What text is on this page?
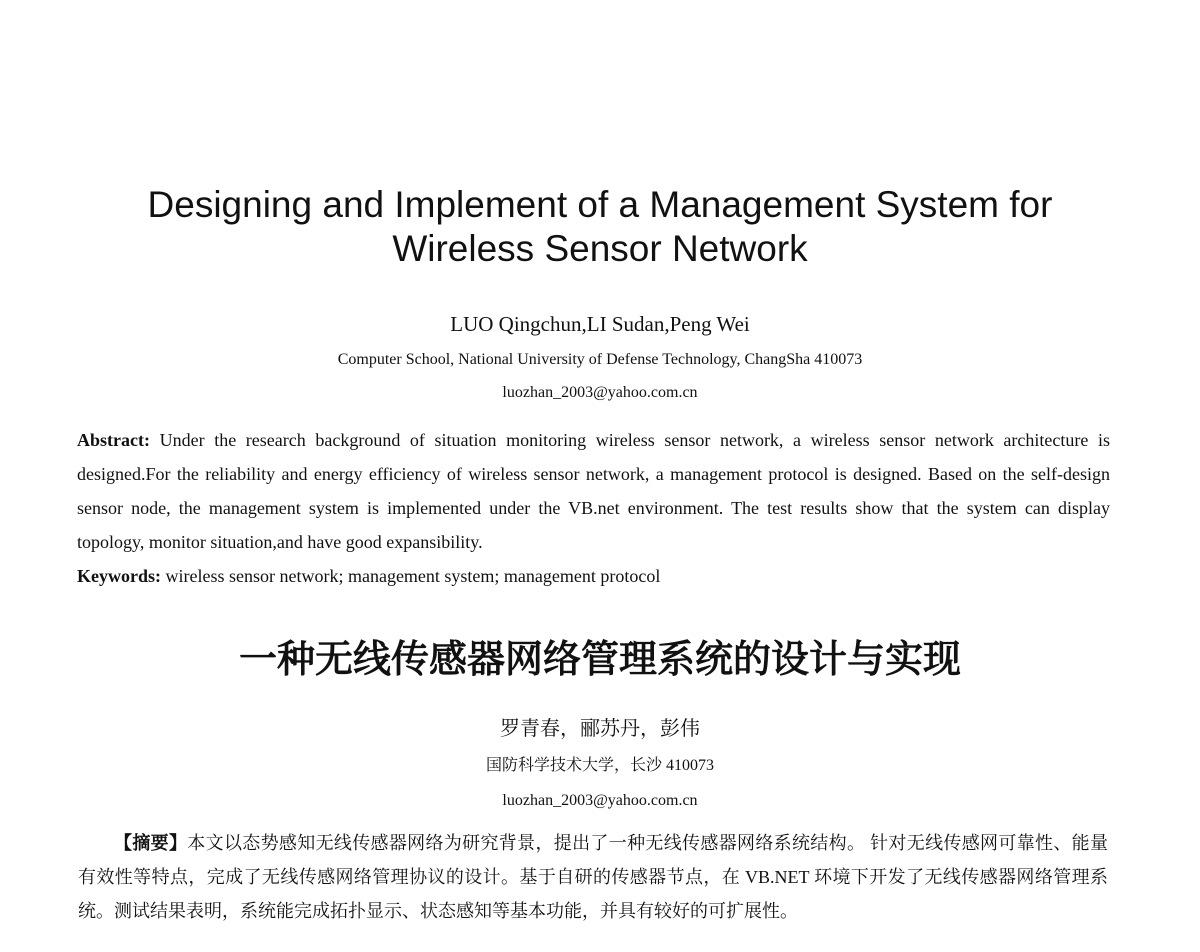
Designing and Implement of a Management System for
Wireless Sensor Network
LUO Qingchun,LI Sudan,Peng Wei
Computer School, National University of Defense Technology, ChangSha 410073
luozhan_2003@yahoo.com.cn
Abstract: Under the research background of situation monitoring wireless sensor network, a wireless sensor network architecture is designed.For the reliability and energy efficiency of wireless sensor network, a management protocol is designed. Based on the self-design sensor node, the management system is implemented under the VB.net environment. The test results show that the system can display topology, monitor situation,and have good expansibility.
Keywords: wireless sensor network; management system; management protocol
一种无线传感器网络管理系统的设计与实现
罗青春，郦苏丹，彭伟
国防科学技术大学，长沙 410073
luozhan_2003@yahoo.com.cn
【摘要】本文以态势感知无线传感器网络为研究背景，提出了一种无线传感器网络系统结构。 针对无线传感网可靠性、能量有效性等特点，完成了无线传感网络管理协议的设计。基于自研的传感器节点，在 VB.NET 环境下开发了无线传感器网络管理系统。测试结果表明，系统能完成拓扑显示、状态感知等基本功能，并具有较好的可扩展性。
